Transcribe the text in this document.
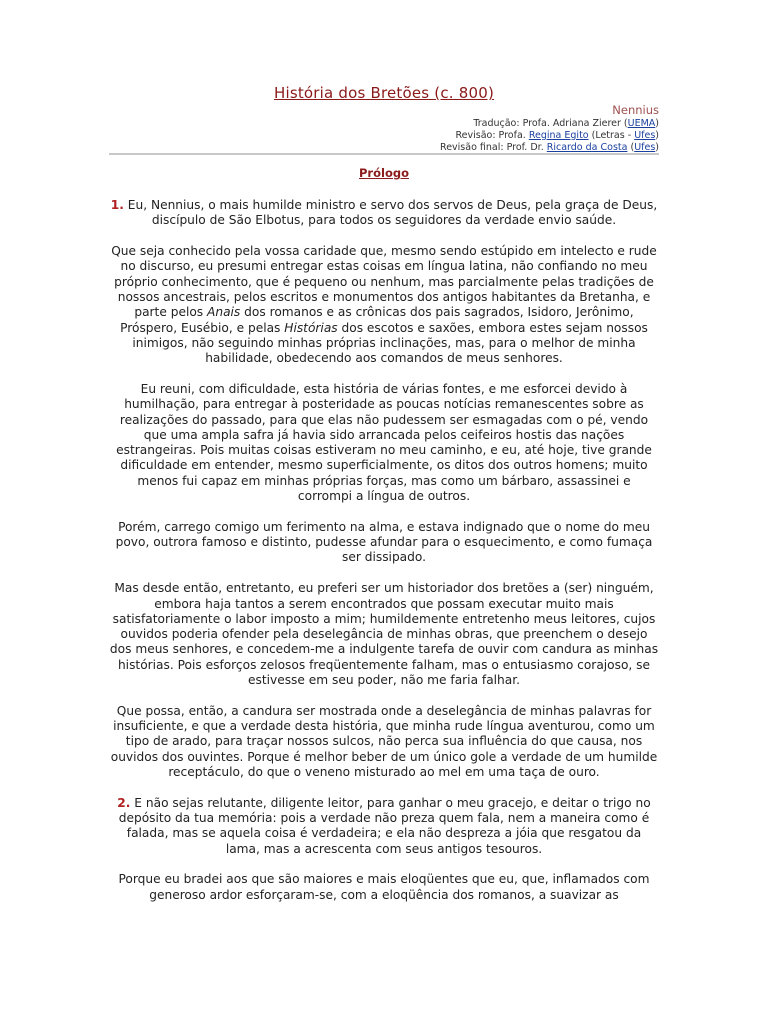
História dos Bretões (c. 800)
Nennius
Tradução: Profa. Adriana Zierer (UEMA)
Revisão: Profa. Regina Egito (Letras - Ufes)
Revisão final: Prof. Dr. Ricardo da Costa (Ufes)
Prólogo

1. Eu, Nennius, o mais humilde ministro e servo dos servos de Deus, pela graça de Deus, discípulo de São Elbotus, para todos os seguidores da verdade envio saúde.

Que seja conhecido pela vossa caridade que, mesmo sendo estúpido em intelecto e rude no discurso, eu presumi entregar estas coisas em língua latina, não confiando no meu próprio conhecimento, que é pequeno ou nenhum, mas parcialmente pelas tradições de nossos ancestrais, pelos escritos e monumentos dos antigos habitantes da Bretanha, e parte pelos Anais dos romanos e as crônicas dos pais sagrados, Isidoro, Jerônimo, Próspero, Eusébio, e pelas Histórias dos escotos e saxões, embora estes sejam nossos inimigos, não seguindo minhas próprias inclinações, mas, para o melhor de minha habilidade, obedecendo aos comandos de meus senhores.

Eu reuni, com dificuldade, esta história de várias fontes, e me esforcei devido à humilhação, para entregar à posteridade as poucas notícias remanescentes sobre as realizações do passado, para que elas não pudessem ser esmagadas com o pé, vendo que uma ampla safra já havia sido arrancada pelos ceifeiros hostis das nações estrangeiras. Pois muitas coisas estiveram no meu caminho, e eu, até hoje, tive grande dificuldade em entender, mesmo superficialmente, os ditos dos outros homens; muito menos fui capaz em minhas próprias forças, mas como um bárbaro, assassinei e corrompi a língua de outros.

Porém, carrego comigo um ferimento na alma, e estava indignado que o nome do meu povo, outrora famoso e distinto, pudesse afundar para o esquecimento, e como fumaça ser dissipado.

Mas desde então, entretanto, eu preferi ser um historiador dos bretões a (ser) ninguém, embora haja tantos a serem encontrados que possam executar muito mais satisfatoriamente o labor imposto a mim; humildemente entretenho meus leitores, cujos ouvidos poderia ofender pela deselegância de minhas obras, que preenchem o desejo dos meus senhores, e concedem-me a indulgente tarefa de ouvir com candura as minhas histórias. Pois esforços zelosos freqüentemente falham, mas o entusiasmo corajoso, se estivesse em seu poder, não me faria falhar.

Que possa, então, a candura ser mostrada onde a deselegância de minhas palavras for insuficiente, e que a verdade desta história, que minha rude língua aventurou, como um tipo de arado, para traçar nossos sulcos, não perca sua influência do que causa, nos ouvidos dos ouvintes. Porque é melhor beber de um único gole a verdade de um humilde receptáculo, do que o veneno misturado ao mel em uma taça de ouro.

2. E não sejas relutante, diligente leitor, para ganhar o meu gracejo, e deitar o trigo no depósito da tua memória: pois a verdade não preza quem fala, nem a maneira como é falada, mas se aquela coisa é verdadeira; e ela não despreza a jóia que resgatou da lama, mas a acrescenta com seus antigos tesouros.

Porque eu bradei aos que são maiores e mais eloqüentes que eu, que, inflamados com generoso ardor esforçaram-se, com a eloqüência dos romanos, a suavizar as
